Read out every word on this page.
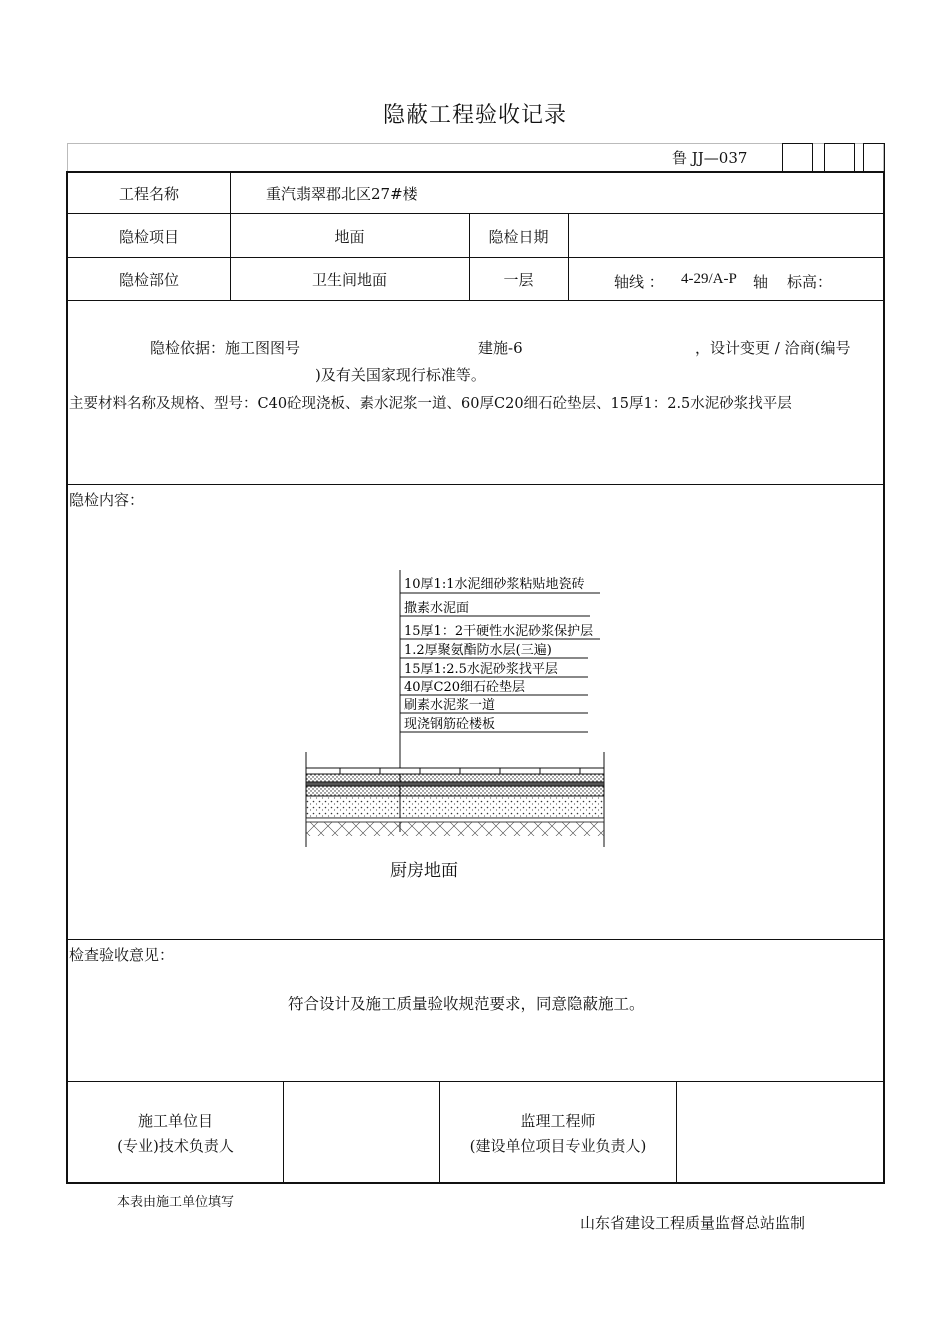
隐蔽工程验收记录
鲁 JJ—037
工程名称	重汽翡翠郡北区27#楼
隐检项目	地面	隐检日期
隐检部位	卫生间地面	一层	轴线 ： 4-29/A-P 轴 标高：
隐检依据：施工图图号	建施-6	，设计变更 / 洽商(编号
)及有关国家现行标准等。
主要材料名称及规格、型号：C40砼现浇板、素水泥浆一道、60厚C20细石砼垫层、15厚1：2.5水泥砂浆找平层
隐检内容：
10厚1:1水泥细砂浆粘贴地瓷砖
撒素水泥面
15厚1：2干硬性水泥砂浆保护层
1.2厚聚氨酯防水层(三遍)
15厚1:2.5水泥砂浆找平层
40厚C20细石砼垫层
刷素水泥浆一道
现浇钢筋砼楼板
厨房地面
检查验收意见：
符合设计及施工质量验收规范要求，同意隐蔽施工。
施工单位目
(专业)技术负责人
监理工程师
(建设单位项目专业负责人)
本表由施工单位填写
山东省建设工程质量监督总站监制
